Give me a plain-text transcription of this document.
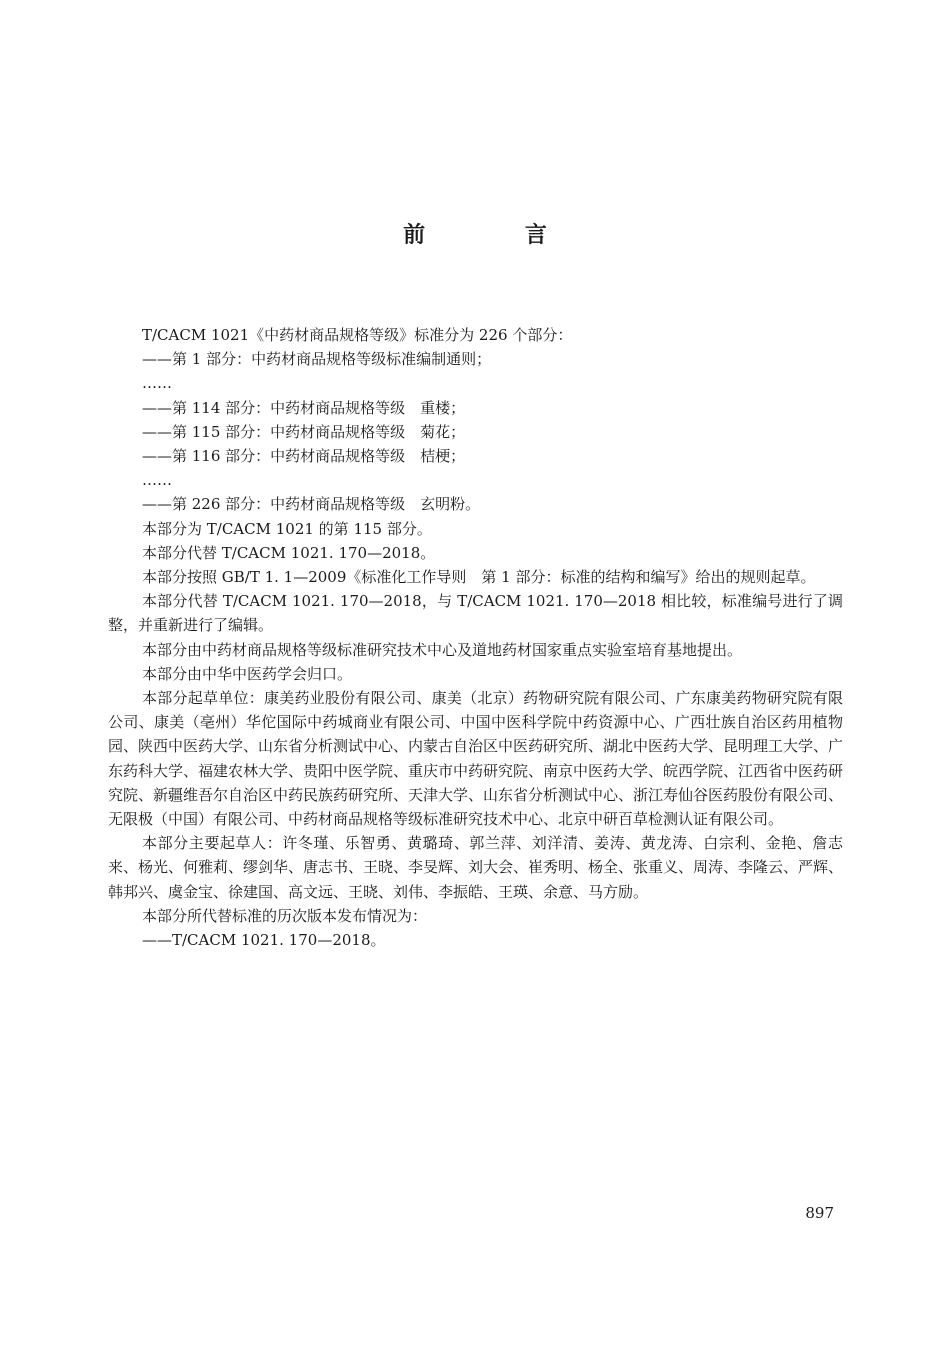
前 言

T/CACM 1021《中药材商品规格等级》标准分为 226 个部分：

——第 1 部分：中药材商品规格等级标准编制通则；

……

——第 114 部分：中药材商品规格等级　重楼；

——第 115 部分：中药材商品规格等级　菊花；

——第 116 部分：中药材商品规格等级　桔梗；

……

——第 226 部分：中药材商品规格等级　玄明粉。

本部分为 T/CACM 1021 的第 115 部分。

本部分代替 T/CACM 1021. 170—2018。

本部分按照 GB/T 1. 1—2009《标准化工作导则　第 1 部分：标准的结构和编写》给出的规则起草。

本部分代替 T/CACM 1021. 170—2018，与 T/CACM 1021. 170—2018 相比较，标准编号进行了调整，并重新进行了编辑。

本部分由中药材商品规格等级标准研究技术中心及道地药材国家重点实验室培育基地提出。

本部分由中华中医药学会归口。

本部分起草单位：康美药业股份有限公司、康美（北京）药物研究院有限公司、广东康美药物研究院有限公司、康美（亳州）华佗国际中药城商业有限公司、中国中医科学院中药资源中心、广西壮族自治区药用植物园、陕西中医药大学、山东省分析测试中心、内蒙古自治区中医药研究所、湖北中医药大学、昆明理工大学、广东药科大学、福建农林大学、贵阳中医学院、重庆市中药研究院、南京中医药大学、皖西学院、江西省中医药研究院、新疆维吾尔自治区中药民族药研究所、天津大学、山东省分析测试中心、浙江寿仙谷医药股份有限公司、无限极（中国）有限公司、中药材商品规格等级标准研究技术中心、北京中研百草检测认证有限公司。

本部分主要起草人：许冬瑾、乐智勇、黄璐琦、郭兰萍、刘洋清、姜涛、黄龙涛、白宗利、金艳、詹志来、杨光、何雅莉、缪剑华、唐志书、王晓、李旻辉、刘大会、崔秀明、杨全、张重义、周涛、李隆云、严辉、韩邦兴、虞金宝、徐建国、高文远、王晓、刘伟、李振皓、王瑛、余意、马方励。

本部分所代替标准的历次版本发布情况为：

——T/CACM 1021. 170—2018。

897
